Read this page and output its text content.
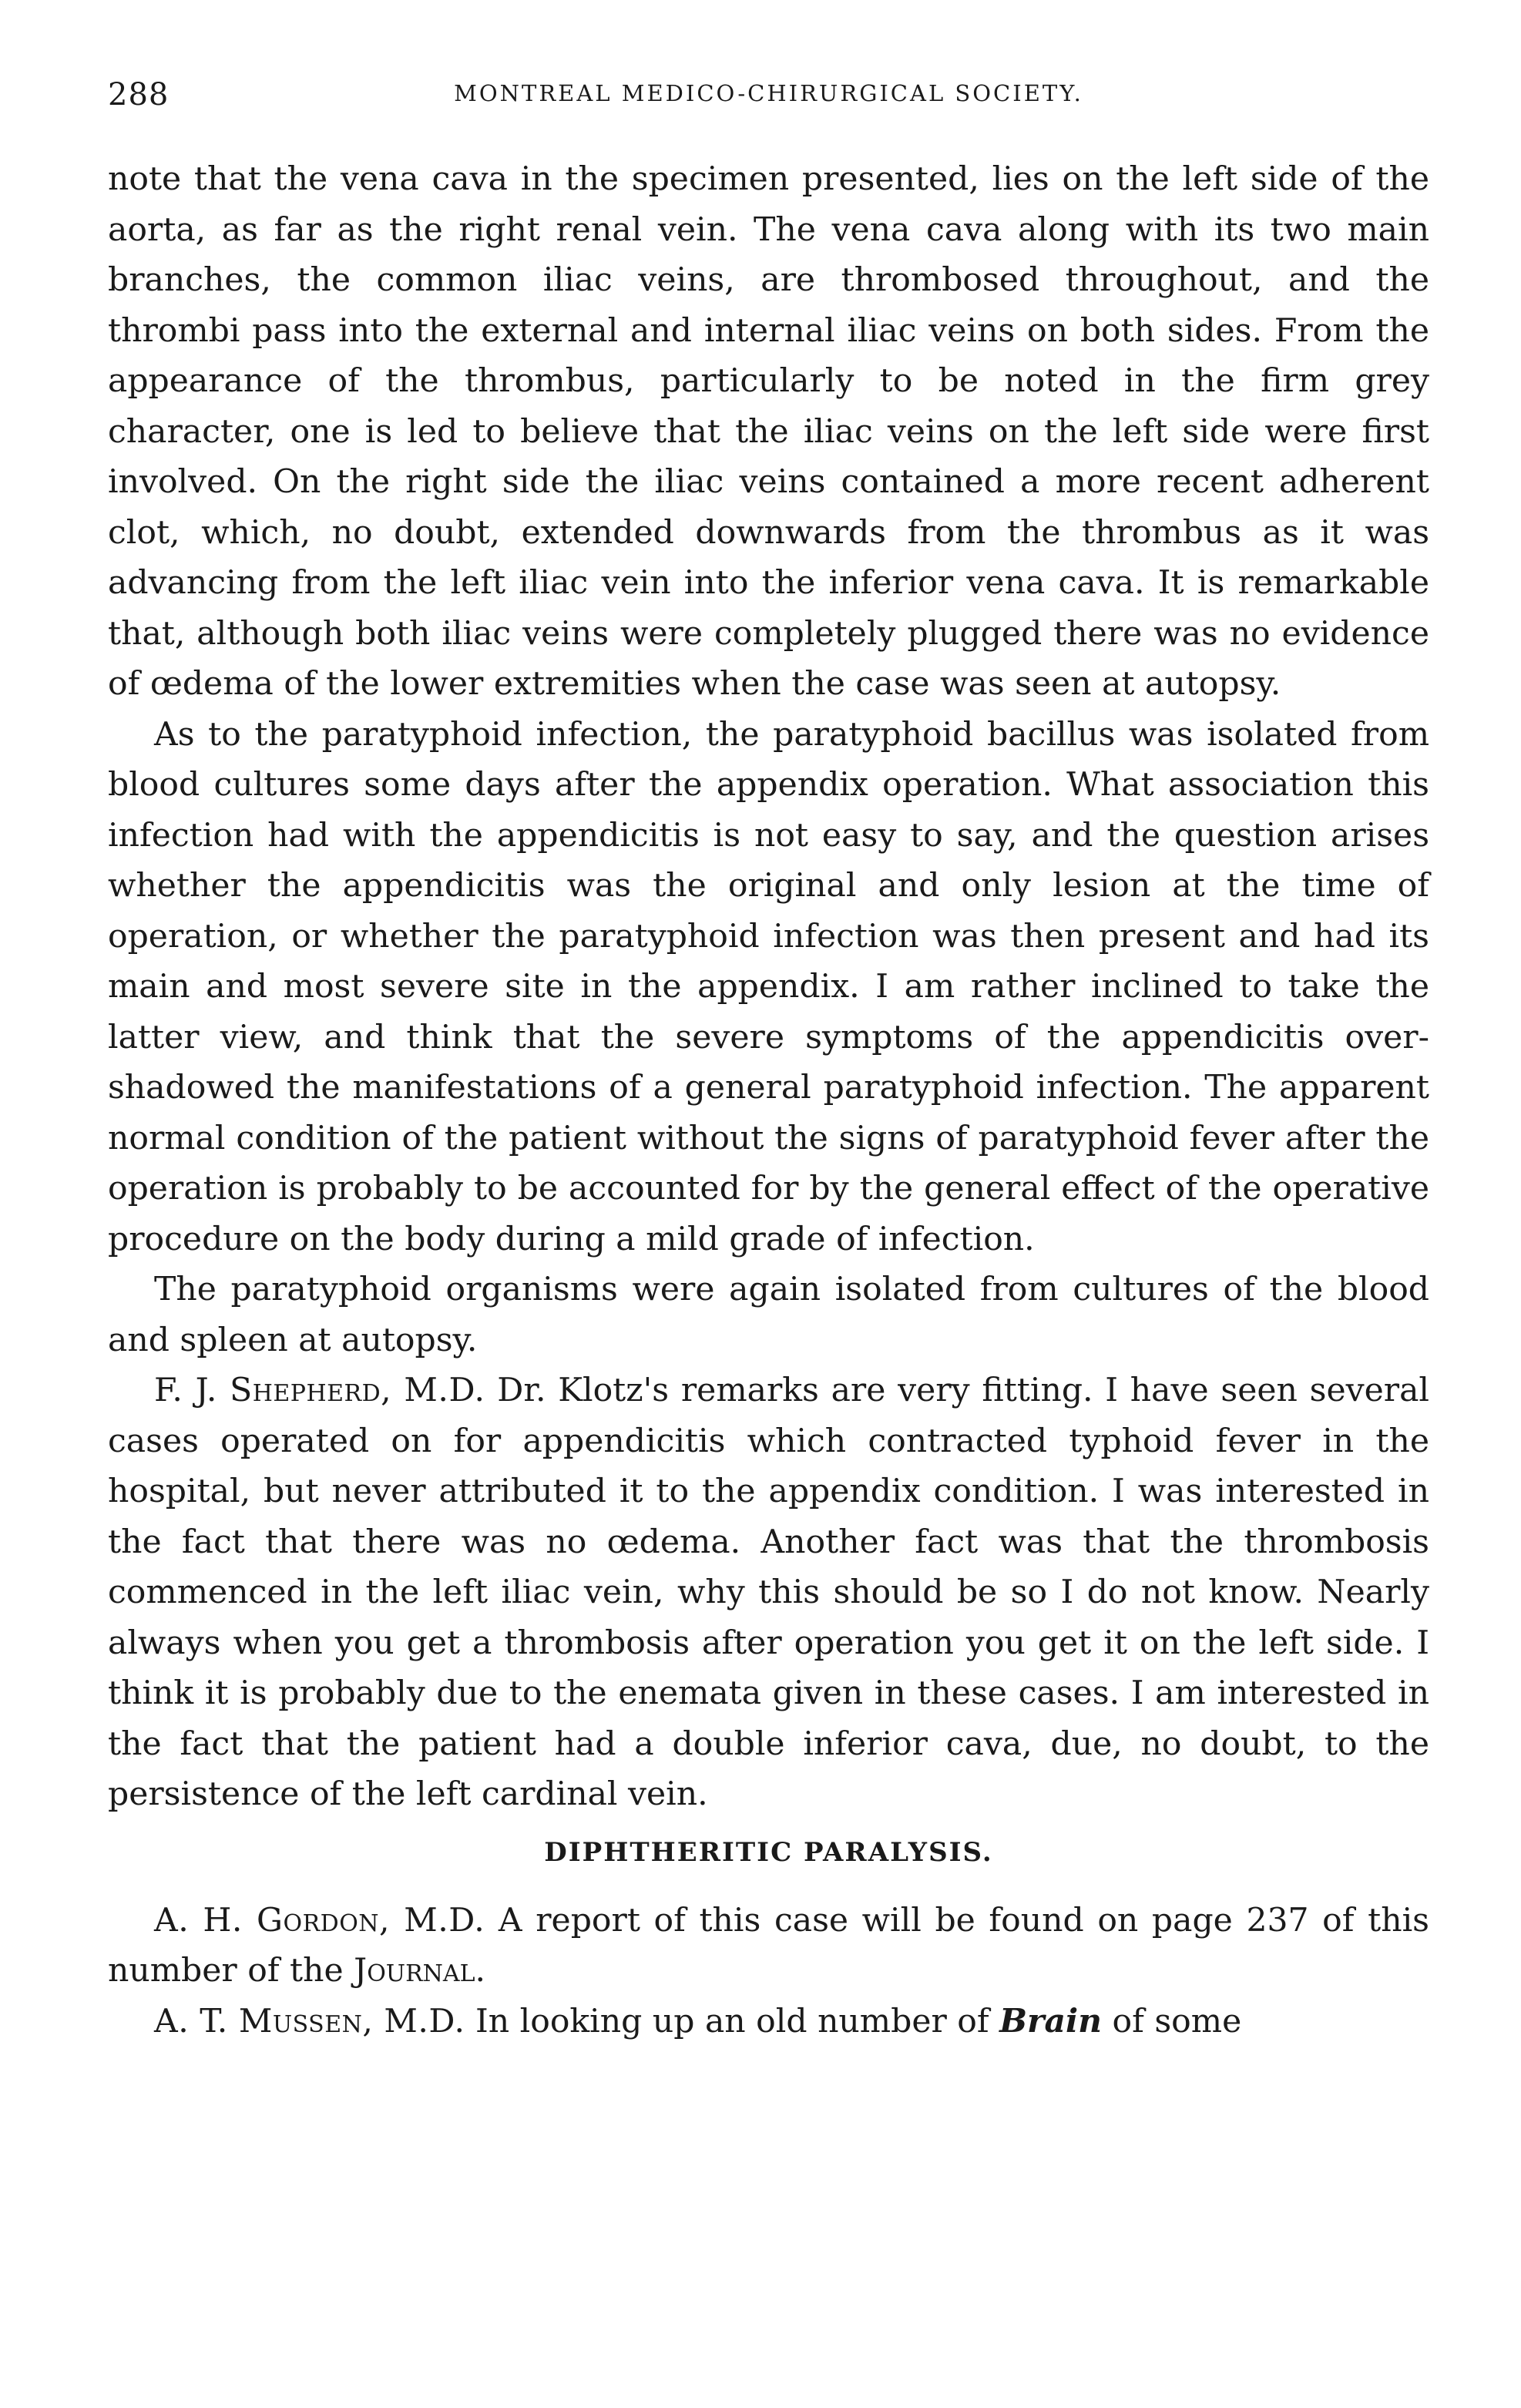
288	MONTREAL MEDICO-CHIRURGICAL SOCIETY.

note that the vena cava in the specimen presented, lies on the left side of the aorta, as far as the right renal vein. The vena cava along with its two main branches, the common iliac veins, are thrombosed throughout, and the thrombi pass into the external and internal iliac veins on both sides. From the appearance of the thrombus, particularly to be noted in the firm grey character, one is led to believe that the iliac veins on the left side were first involved. On the right side the iliac veins contained a more recent adherent clot, which, no doubt, extended downwards from the thrombus as it was advancing from the left iliac vein into the inferior vena cava. It is remarkable that, although both iliac veins were completely plugged there was no evidence of œdema of the lower extremities when the case was seen at autopsy.

As to the paratyphoid infection, the paratyphoid bacillus was isolated from blood cultures some days after the appendix operation. What association this infection had with the appendicitis is not easy to say, and the question arises whether the appendicitis was the original and only lesion at the time of operation, or whether the paratyphoid infection was then present and had its main and most severe site in the appendix. I am rather inclined to take the latter view, and think that the severe symptoms of the appendicitis over-shadowed the manifestations of a general paratyphoid infection. The apparent normal condition of the patient without the signs of paratyphoid fever after the operation is probably to be accounted for by the general effect of the operative procedure on the body during a mild grade of infection.

The paratyphoid organisms were again isolated from cultures of the blood and spleen at autopsy.

F. J. Shepherd, M.D. Dr. Klotz's remarks are very fitting. I have seen several cases operated on for appendicitis which contracted typhoid fever in the hospital, but never attributed it to the appendix condition. I was interested in the fact that there was no œdema. Another fact was that the thrombosis commenced in the left iliac vein, why this should be so I do not know. Nearly always when you get a thrombosis after operation you get it on the left side. I think it is probably due to the enemata given in these cases. I am interested in the fact that the patient had a double inferior cava, due, no doubt, to the persistence of the left cardinal vein.

DIPHTHERITIC PARALYSIS.

A. H. Gordon, M.D. A report of this case will be found on page 237 of this number of the Journal.

A. T. Mussen, M.D. In looking up an old number of Brain of some
